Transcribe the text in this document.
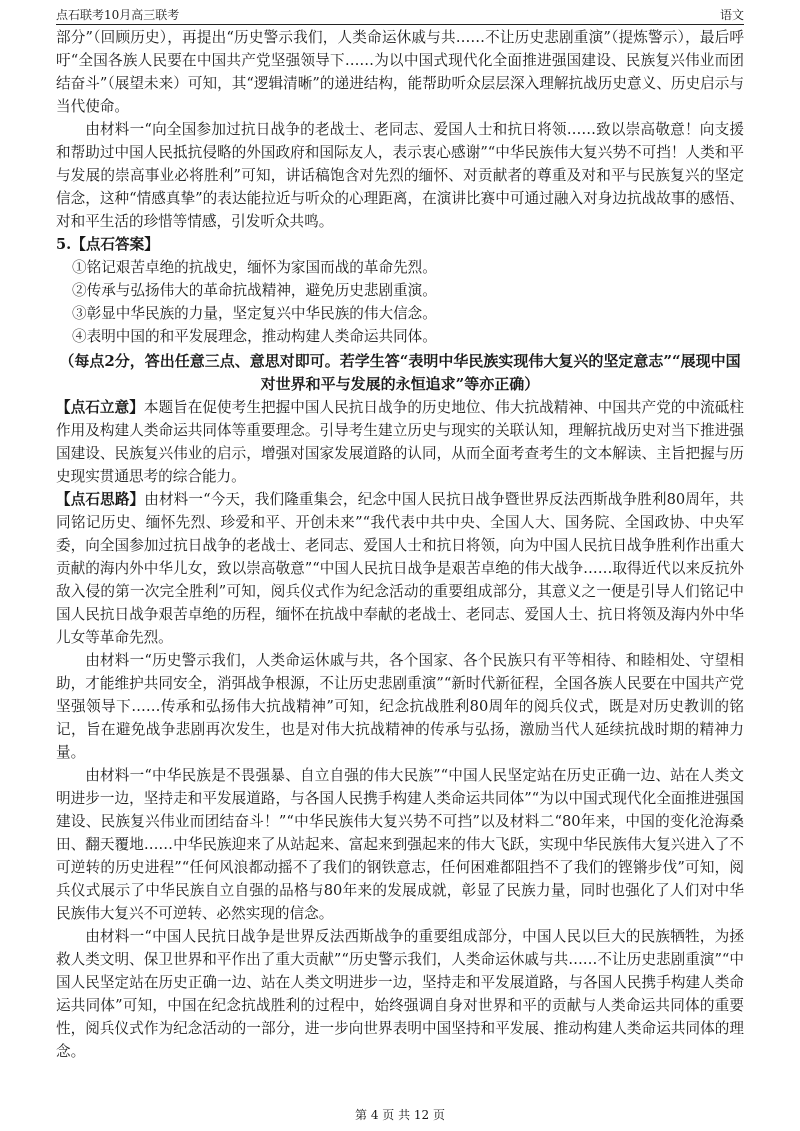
点石联考10月高三联考	语文

部分”（回顾历史），再提出“历史警示我们，人类命运休戚与共……不让历史悲剧重演”（提炼警示），最后呼吁“全国各族人民要在中国共产党坚强领导下……为以中国式现代化全面推进强国建设、民族复兴伟业而团结奋斗”（展望未来）可知，其“逻辑清晰”的递进结构，能帮助听众层层深入理解抗战历史意义、历史启示与当代使命。

由材料一“向全国参加过抗日战争的老战士、老同志、爱国人士和抗日将领……致以崇高敬意！向支援和帮助过中国人民抵抗侵略的外国政府和国际友人，表示衷心感谢”“中华民族伟大复兴势不可挡！人类和平与发展的崇高事业必将胜利”可知，讲话稿饱含对先烈的缅怀、对贡献者的尊重及对和平与民族复兴的坚定信念，这种“情感真挚”的表达能拉近与听众的心理距离，在演讲比赛中可通过融入对身边抗战故事的感悟、对和平生活的珍惜等情感，引发听众共鸣。

5.【点石答案】

①铭记艰苦卓绝的抗战史，缅怀为家国而战的革命先烈。

②传承与弘扬伟大的革命抗战精神，避免历史悲剧重演。

③彰显中华民族的力量，坚定复兴中华民族的伟大信念。

④表明中国的和平发展理念，推动构建人类命运共同体。

（每点2分，答出任意三点、意思对即可。若学生答“表明中华民族实现伟大复兴的坚定意志”“展现中国对世界和平与发展的永恒追求”等亦正确）

【点石立意】本题旨在促使考生把握中国人民抗日战争的历史地位、伟大抗战精神、中国共产党的中流砥柱作用及构建人类命运共同体等重要理念。引导考生建立历史与现实的关联认知，理解抗战历史对当下推进强国建设、民族复兴伟业的启示，增强对国家发展道路的认同，从而全面考查考生的文本解读、主旨把握与历史现实贯通思考的综合能力。

【点石思路】由材料一“今天，我们隆重集会，纪念中国人民抗日战争暨世界反法西斯战争胜利80周年，共同铭记历史、缅怀先烈、珍爱和平、开创未来”“我代表中共中央、全国人大、国务院、全国政协、中央军委，向全国参加过抗日战争的老战士、老同志、爱国人士和抗日将领，向为中国人民抗日战争胜利作出重大贡献的海内外中华儿女，致以崇高敬意”“中国人民抗日战争是艰苦卓绝的伟大战争……取得近代以来反抗外敌入侵的第一次完全胜利”可知，阅兵仪式作为纪念活动的重要组成部分，其意义之一便是引导人们铭记中国人民抗日战争艰苦卓绝的历程，缅怀在抗战中奉献的老战士、老同志、爱国人士、抗日将领及海内外中华儿女等革命先烈。

由材料一“历史警示我们，人类命运休戚与共，各个国家、各个民族只有平等相待、和睦相处、守望相助，才能维护共同安全，消弭战争根源，不让历史悲剧重演”“新时代新征程，全国各族人民要在中国共产党坚强领导下……传承和弘扬伟大抗战精神”可知，纪念抗战胜利80周年的阅兵仪式，既是对历史教训的铭记，旨在避免战争悲剧再次发生，也是对伟大抗战精神的传承与弘扬，激励当代人延续抗战时期的精神力量。

由材料一“中华民族是不畏强暴、自立自强的伟大民族”“中国人民坚定站在历史正确一边、站在人类文明进步一边，坚持走和平发展道路，与各国人民携手构建人类命运共同体”“为以中国式现代化全面推进强国建设、民族复兴伟业而团结奋斗！”“中华民族伟大复兴势不可挡”以及材料二“80年来，中国的变化沧海桑田、翻天覆地……中华民族迎来了从站起来、富起来到强起来的伟大飞跃，实现中华民族伟大复兴进入了不可逆转的历史进程”“任何风浪都动摇不了我们的钢铁意志，任何困难都阻挡不了我们的铿锵步伐”可知，阅兵仪式展示了中华民族自立自强的品格与80年来的发展成就，彰显了民族力量，同时也强化了人们对中华民族伟大复兴不可逆转、必然实现的信念。

由材料一“中国人民抗日战争是世界反法西斯战争的重要组成部分，中国人民以巨大的民族牺牲，为拯救人类文明、保卫世界和平作出了重大贡献”“历史警示我们，人类命运休戚与共……不让历史悲剧重演”“中国人民坚定站在历史正确一边、站在人类文明进步一边，坚持走和平发展道路，与各国人民携手构建人类命运共同体”可知，中国在纪念抗战胜利的过程中，始终强调自身对世界和平的贡献与人类命运共同体的重要性，阅兵仪式作为纪念活动的一部分，进一步向世界表明中国坚持和平发展、推动构建人类命运共同体的理念。

第 4 页 共 12 页
